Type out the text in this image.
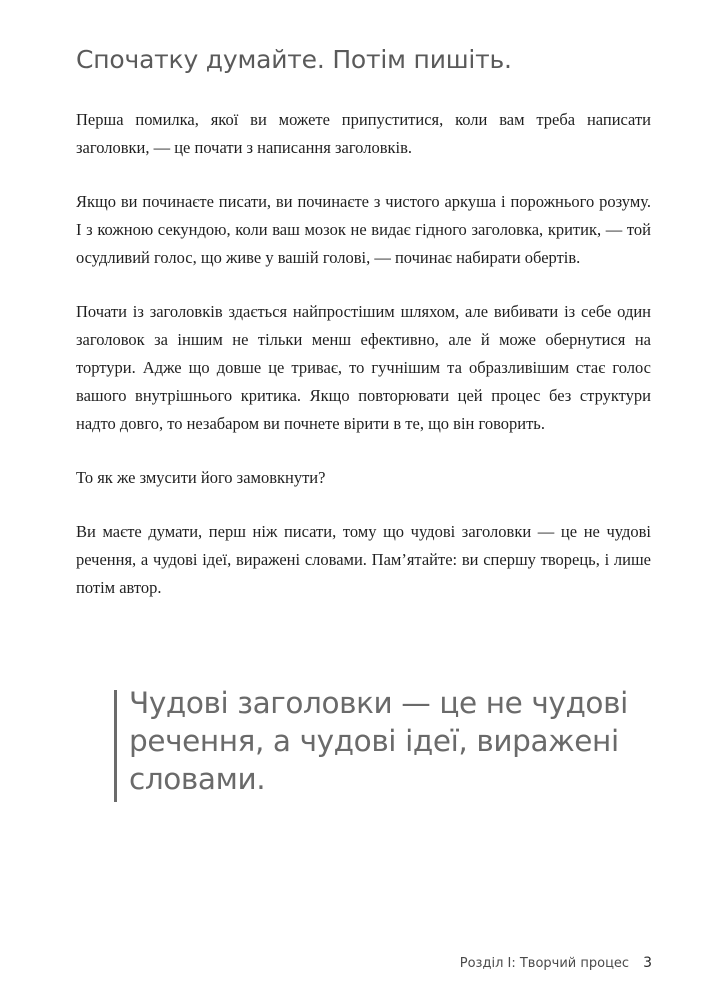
Спочатку думайте. Потім пишіть.

Перша помилка, якої ви можете припуститися, коли вам треба написати заголовки, — це почати з написання заголовків.

Якщо ви починаєте писати, ви починаєте з чистого аркуша і порожнього розуму. І з кожною секундою, коли ваш мозок не видає гідного заголовка, критик, — той осудливий голос, що живе у вашій голові, — починає набирати обертів.

Почати із заголовків здається найпростішим шляхом, але вибивати із себе один заголовок за іншим не тільки менш ефективно, але й може обернутися на тортури. Адже що довше це триває, то гучнішим та образливішим стає голос вашого внутрішнього критика. Якщо повторювати цей процес без структури надто довго, то незабаром ви почнете вірити в те, що він говорить.

То як же змусити його замовкнути?

Ви маєте думати, перш ніж писати, тому що чудові заголовки — це не чудові речення, а чудові ідеї, виражені словами. Пам’ятайте: ви спершу творець, і лише потім автор.

Чудові заголовки — це не чудові речення, а чудові ідеї, виражені словами.

Розділ І: Творчий процес 3
